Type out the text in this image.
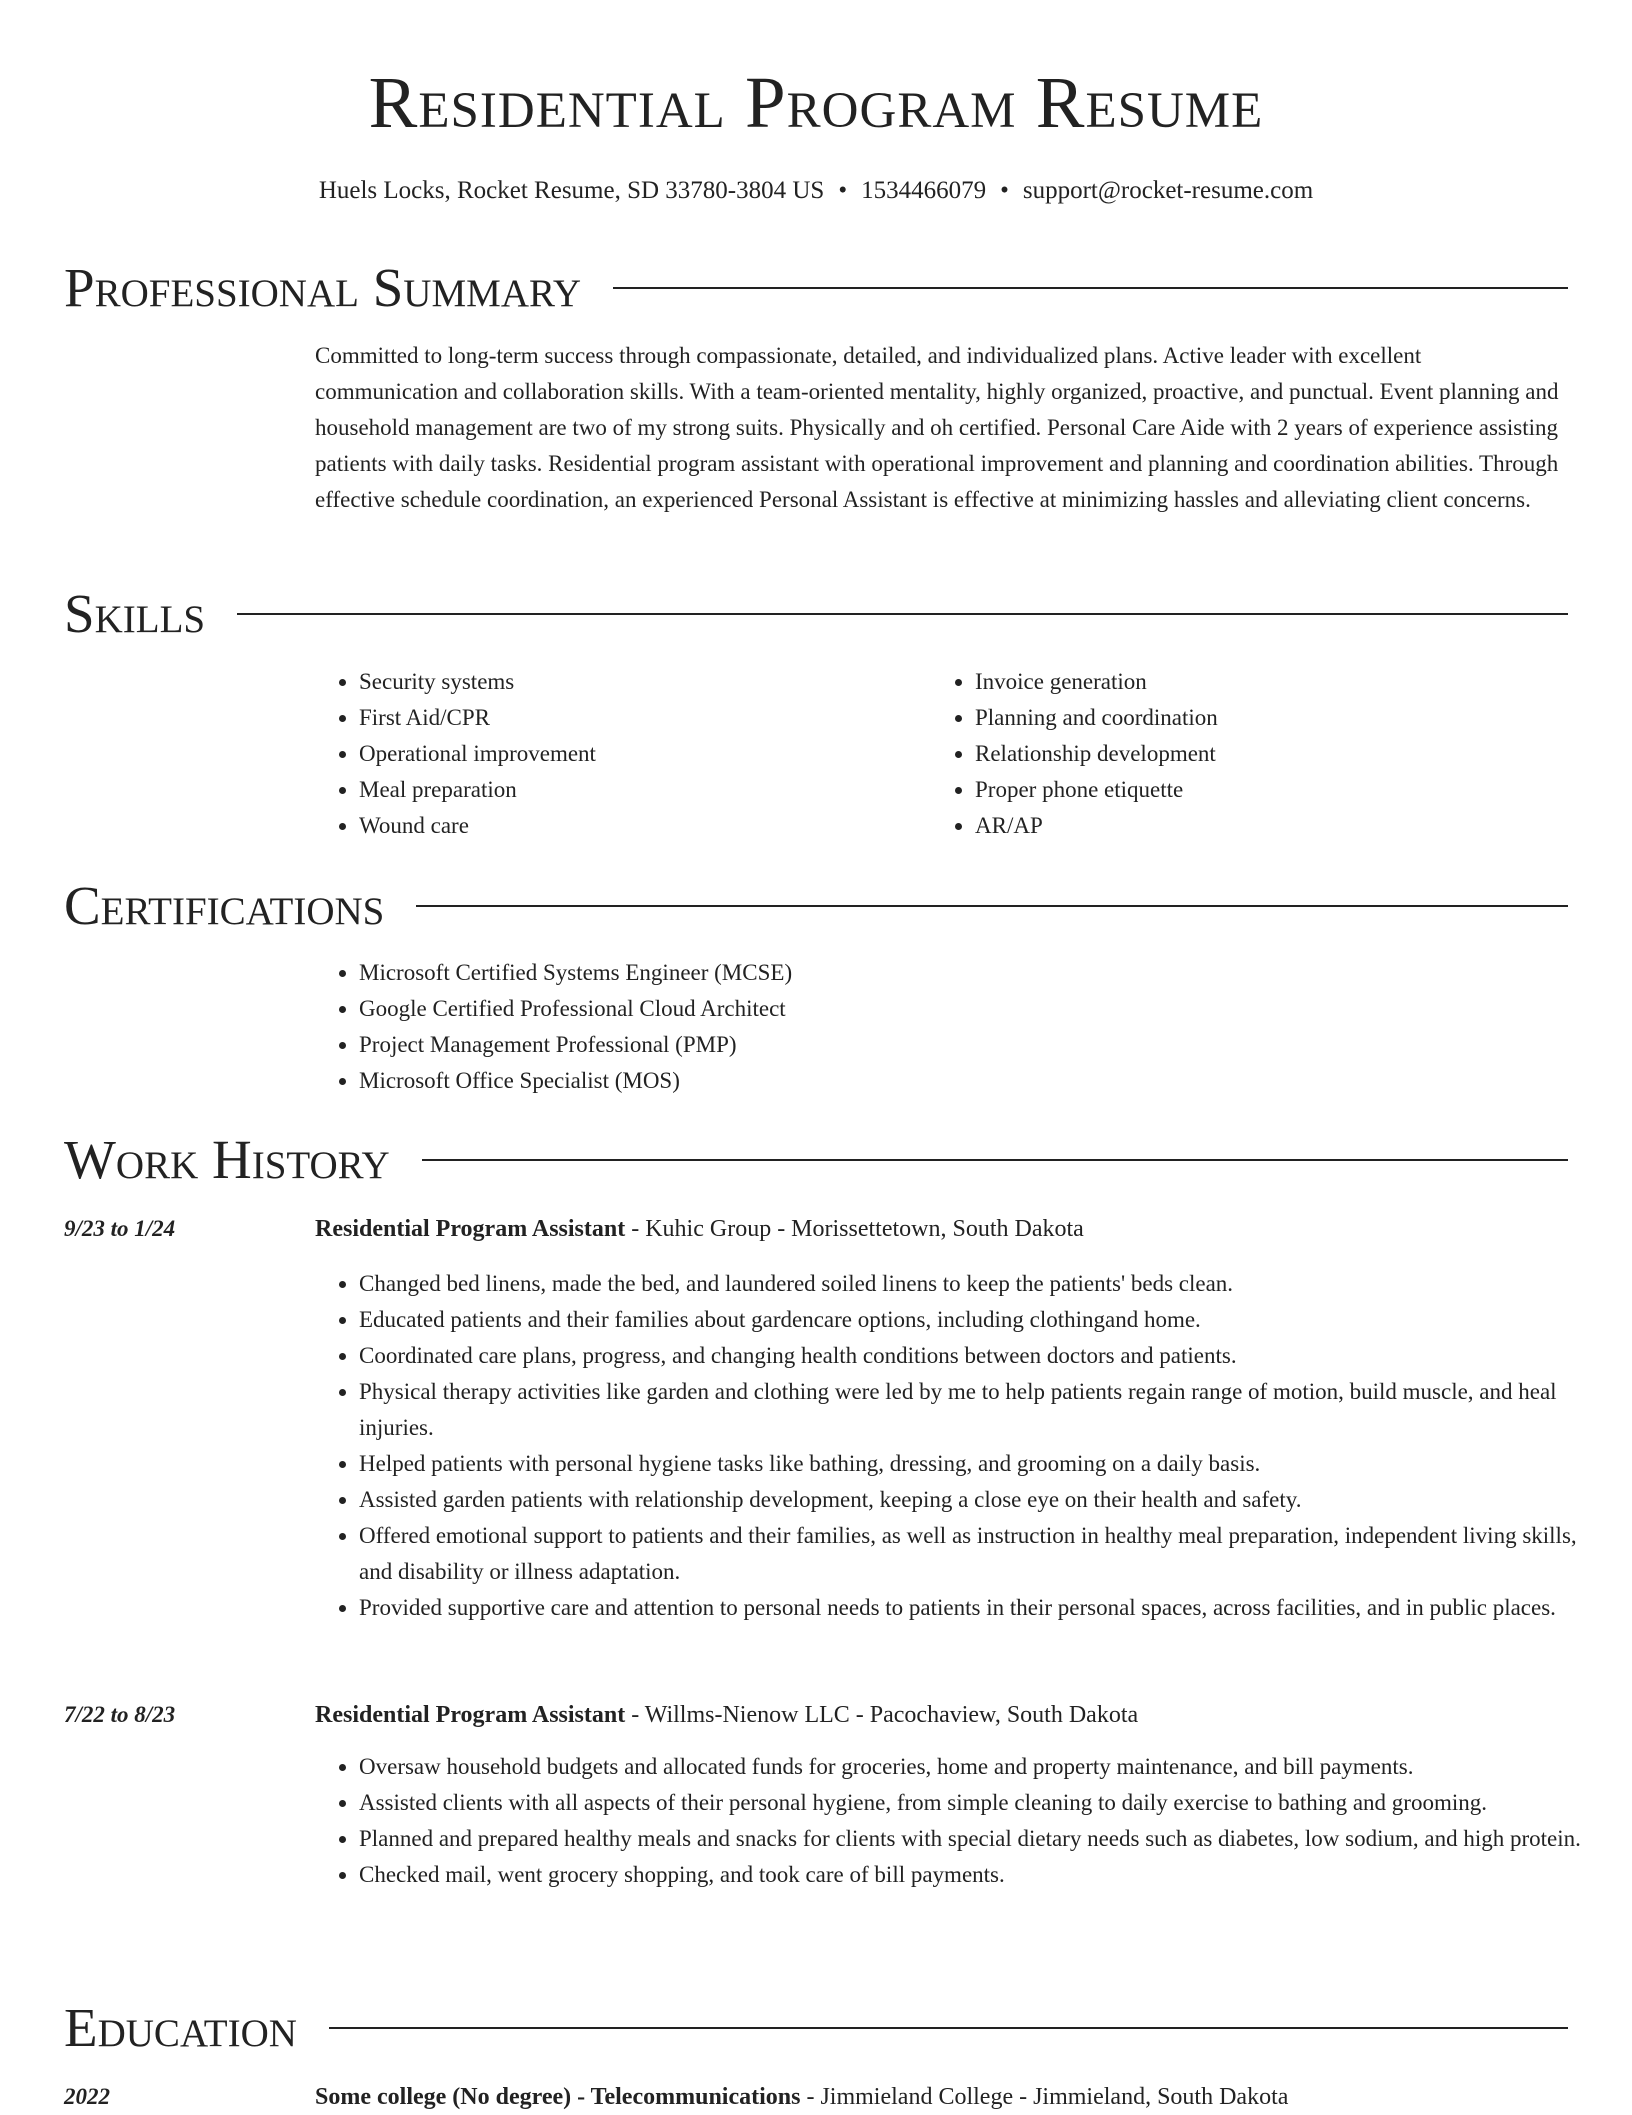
Residential Program Resume
Huels Locks, Rocket Resume, SD 33780-3804 US • 1534466079 • support@rocket-resume.com
Professional Summary
Committed to long-term success through compassionate, detailed, and individualized plans. Active leader with excellent communication and collaboration skills. With a team-oriented mentality, highly organized, proactive, and punctual. Event planning and household management are two of my strong suits. Physically and oh certified. Personal Care Aide with 2 years of experience assisting patients with daily tasks. Residential program assistant with operational improvement and planning and coordination abilities. Through effective schedule coordination, an experienced Personal Assistant is effective at minimizing hassles and alleviating client concerns.
Skills
• Security systems
• First Aid/CPR
• Operational improvement
• Meal preparation
• Wound care
• Invoice generation
• Planning and coordination
• Relationship development
• Proper phone etiquette
• AR/AP
Certifications
• Microsoft Certified Systems Engineer (MCSE)
• Google Certified Professional Cloud Architect
• Project Management Professional (PMP)
• Microsoft Office Specialist (MOS)
Work History
9/23 to 1/24	Residential Program Assistant - Kuhic Group - Morissettetown, South Dakota
• Changed bed linens, made the bed, and laundered soiled linens to keep the patients' beds clean.
• Educated patients and their families about gardencare options, including clothingand home.
• Coordinated care plans, progress, and changing health conditions between doctors and patients.
• Physical therapy activities like garden and clothing were led by me to help patients regain range of motion, build muscle, and heal injuries.
• Helped patients with personal hygiene tasks like bathing, dressing, and grooming on a daily basis.
• Assisted garden patients with relationship development, keeping a close eye on their health and safety.
• Offered emotional support to patients and their families, as well as instruction in healthy meal preparation, independent living skills, and disability or illness adaptation.
• Provided supportive care and attention to personal needs to patients in their personal spaces, across facilities, and in public places.
7/22 to 8/23	Residential Program Assistant - Willms-Nienow LLC - Pacochaview, South Dakota
• Oversaw household budgets and allocated funds for groceries, home and property maintenance, and bill payments.
• Assisted clients with all aspects of their personal hygiene, from simple cleaning to daily exercise to bathing and grooming.
• Planned and prepared healthy meals and snacks for clients with special dietary needs such as diabetes, low sodium, and high protein.
• Checked mail, went grocery shopping, and took care of bill payments.
Education
2022	Some college (No degree) - Telecommunications - Jimmieland College - Jimmieland, South Dakota
